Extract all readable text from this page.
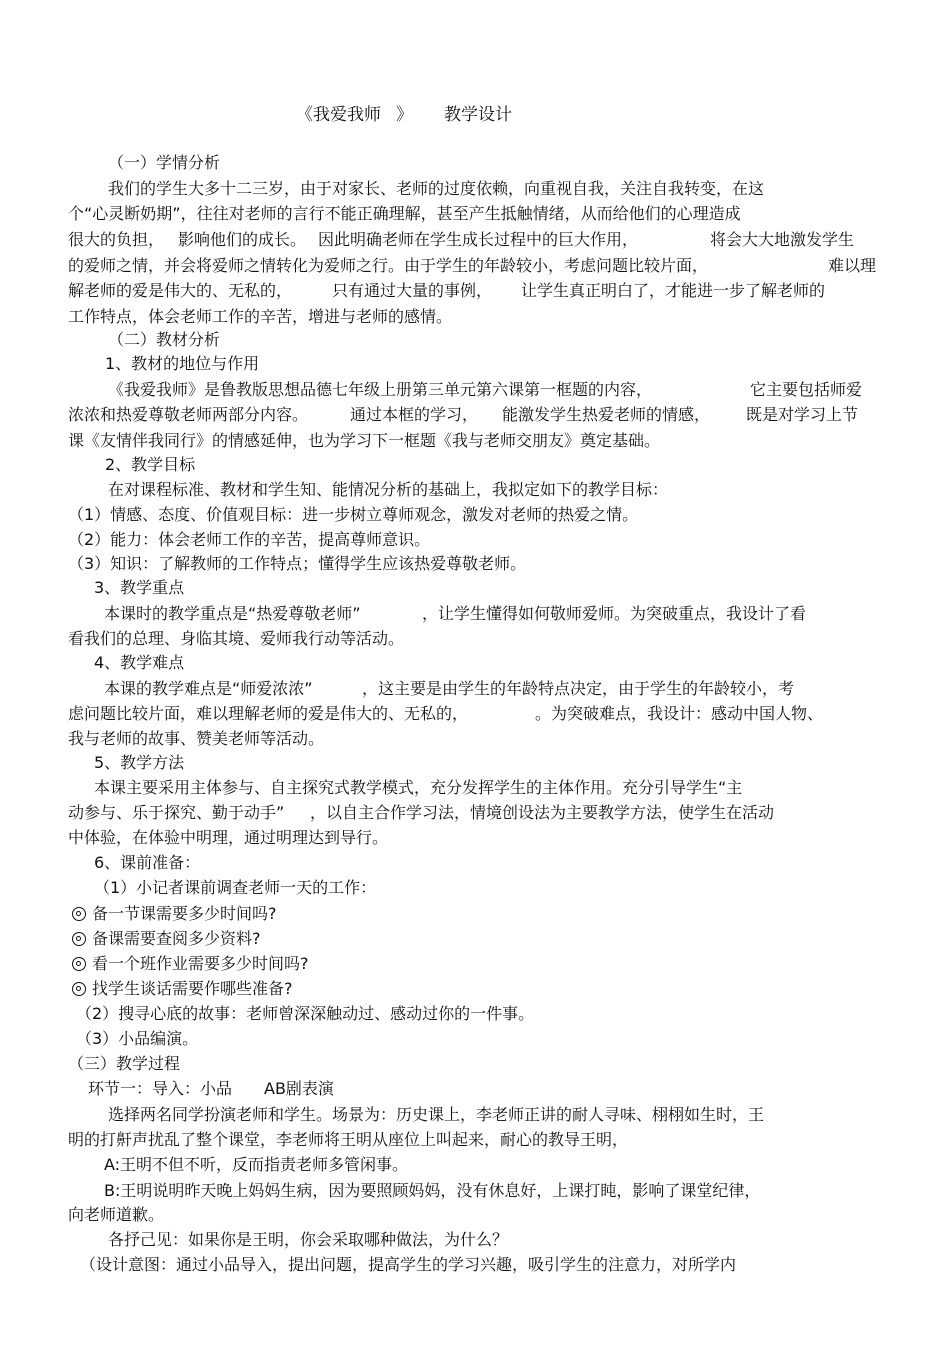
《我爱我师 》 教学设计
（一）学情分析
我们的学生大多十二三岁，由于对家长、老师的过度依赖，向重视自我，关注自我转变，在这
个“心灵断奶期”，往往对老师的言行不能正确理解，甚至产生抵触情绪，从而给他们的心理造成
很大的负担， 影响他们的成长。 因此明确老师在学生成长过程中的巨大作用，	将会大大地激发学生
的爱师之情，并会将爱师之情转化为爱师之行。由于学生的年龄较小，考虑问题比较片面，	难以理
解老师的爱是伟大的、无私的， 只有通过大量的事例， 让学生真正明白了，才能进一步了解老师的
工作特点，体会老师工作的辛苦，增进与老师的感情。
（二）教材分析
1、教材的地位与作用
《我爱我师》是鲁教版思想品德七年级上册第三单元第六课第一框题的内容，	它主要包括师爱
浓浓和热爱尊敬老师两部分内容。	通过本框的学习， 能激发学生热爱老师的情感， 既是对学习上节
课《友情伴我同行》的情感延伸，也为学习下一框题《我与老师交朋友》奠定基础。
2、教学目标
在对课程标准、教材和学生知、能情况分析的基础上，我拟定如下的教学目标：
（1）情感、态度、价值观目标：进一步树立尊师观念，激发对老师的热爱之情。
（2）能力：体会老师工作的辛苦，提高尊师意识。
（3）知识：了解教师的工作特点；懂得学生应该热爱尊敬老师。
3、教学重点
本课时的教学重点是“热爱尊敬老师”	，让学生懂得如何敬师爱师。为突破重点，我设计了看
看我们的总理、身临其境、爱师我行动等活动。
4、教学难点
本课的教学难点是“师爱浓浓”	，这主要是由学生的年龄特点决定，由于学生的年龄较小，考
虑问题比较片面，难以理解老师的爱是伟大的、无私的，	。为突破难点，我设计：感动中国人物、
我与老师的故事、赞美老师等活动。
5、教学方法
本课主要采用主体参与、自主探究式教学模式，充分发挥学生的主体作用。充分引导学生“主
动参与、乐于探究、勤于动手” ，以自主合作学习法，情境创设法为主要教学方法，使学生在活动
中体验，在体验中明理，通过明理达到导行。
6、课前准备：
（1）小记者课前调查老师一天的工作：
备一节课需要多少时间吗?
备课需要查阅多少资料?
看一个班作业需要多少时间吗?
找学生谈话需要作哪些准备?
（2）搜寻心底的故事：老师曾深深触动过、感动过你的一件事。
（3）小品编演。
（三）教学过程
环节一：导入：小品 AB剧表演
选择两名同学扮演老师和学生。场景为：历史课上，李老师正讲的耐人寻味、栩栩如生时，王
明的打鼾声扰乱了整个课堂，李老师将王明从座位上叫起来，耐心的教导王明，
A:王明不但不听，反而指责老师多管闲事。
B:王明说明昨天晚上妈妈生病，因为要照顾妈妈，没有休息好，上课打盹，影响了课堂纪律，
向老师道歉。
各抒己见：如果你是王明，你会采取哪种做法，为什么？
（设计意图：通过小品导入，提出问题，提高学生的学习兴趣，吸引学生的注意力，对所学内
